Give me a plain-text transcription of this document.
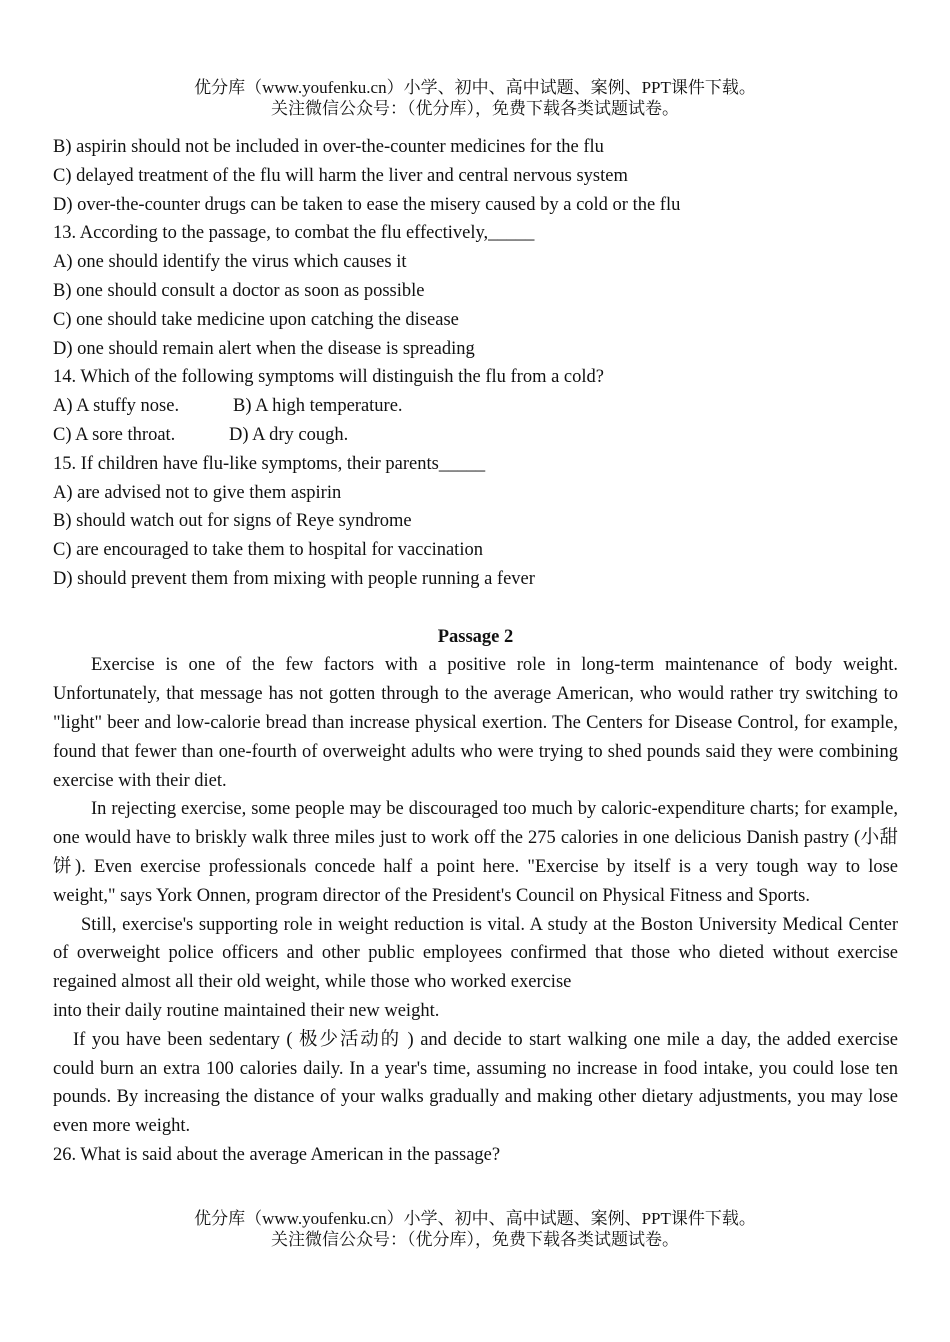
优分库（www.youfenku.cn）小学、初中、高中试题、案例、PPT课件下载。
关注微信公众号：（优分库），免费下载各类试题试卷。
B) aspirin should not be included in over-the-counter medicines for the flu
C) delayed treatment of the flu will harm the liver and central nervous system
D) over-the-counter drugs can be taken to ease the misery caused by a cold or the flu
13. According to the passage, to combat the flu effectively,_____
A) one should identify the virus which causes it
B) one should consult a doctor as soon as possible
C) one should take medicine upon catching the disease
D) one should remain alert when the disease is spreading
14. Which of the following symptoms will distinguish the flu from a cold?
A) A stuffy nose.	B) A high temperature.
C) A sore throat.	D) A dry cough.
15. If children have flu-like symptoms, their parents_____
A) are advised not to give them aspirin
B) should watch out for signs of Reye syndrome
C) are encouraged to take them to hospital for vaccination
D) should prevent them from mixing with people running a fever
Passage 2
Exercise is one of the few factors with a positive role in long-term maintenance of body weight. Unfortunately, that message has not gotten through to the average American, who would rather try switching to "light" beer and low-calorie bread than increase physical exertion. The Centers for Disease Control, for example, found that fewer than one-fourth of overweight adults who were trying to shed pounds said they were combining exercise with their diet.
In rejecting exercise, some people may be discouraged too much by caloric-expenditure charts; for example, one would have to briskly walk three miles just to work off the 275 calories in one delicious Danish pastry (小甜饼). Even exercise professionals concede half a point here. "Exercise by itself is a very tough way to lose weight," says York Onnen, program director of the President's Council on Physical Fitness and Sports.
Still, exercise's supporting role in weight reduction is vital. A study at the Boston University Medical Center of overweight police officers and other public employees confirmed that those who dieted without exercise regained almost all their old weight, while those who worked exercise
into their daily routine maintained their new weight.
If you have been sedentary ( 极少活动的 ) and decide to start walking one mile a day, the added exercise could burn an extra 100 calories daily. In a year's time, assuming no increase in food intake, you could lose ten pounds. By increasing the distance of your walks gradually and making other dietary adjustments, you may lose even more weight.
26. What is said about the average American in the passage?
优分库（www.youfenku.cn）小学、初中、高中试题、案例、PPT课件下载。
关注微信公众号：（优分库），免费下载各类试题试卷。
